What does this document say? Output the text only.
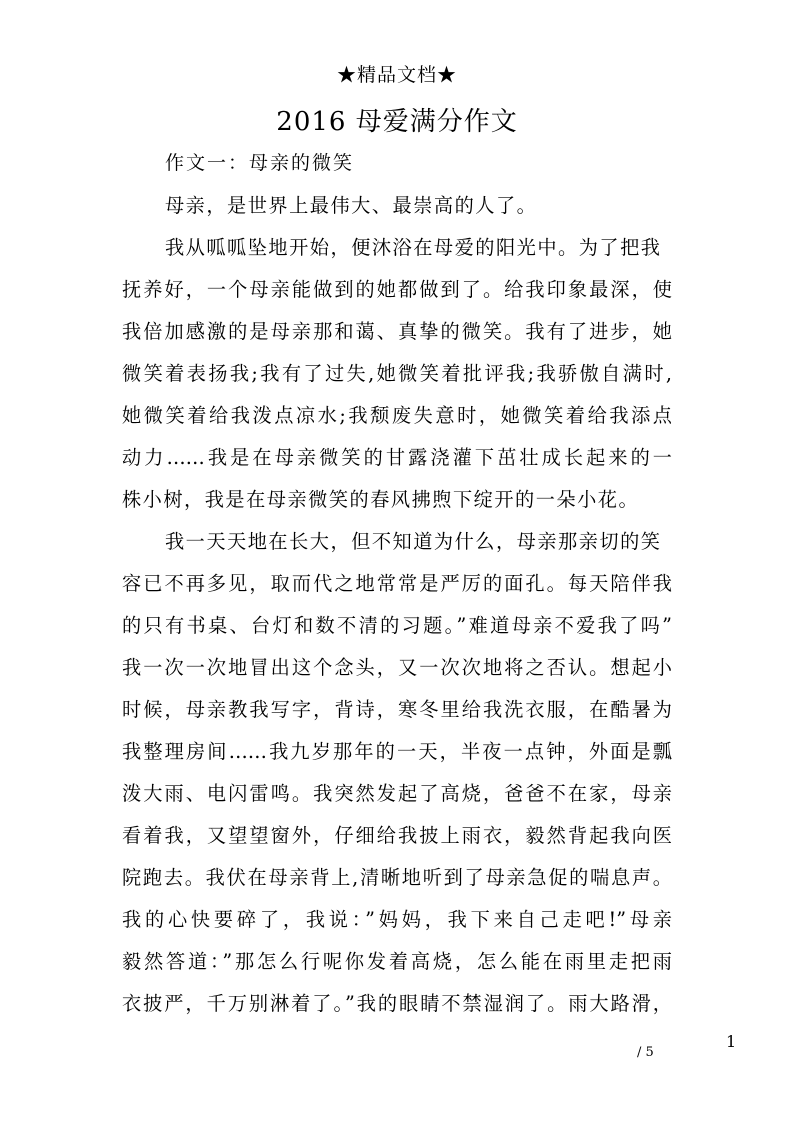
★精品文档★
2016 母爱满分作文
作文一：母亲的微笑
母亲，是世界上最伟大、最崇高的人了。
我从呱呱坠地开始，便沐浴在母爱的阳光中。为了把我
抚养好，一个母亲能做到的她都做到了。给我印象最深，使
我倍加感激的是母亲那和蔼、真挚的微笑。我有了进步，她
微笑着表扬我;我有了过失,她微笑着批评我;我骄傲自满时,
她微笑着给我泼点凉水;我颓废失意时，她微笑着给我添点
动力……我是在母亲微笑的甘露浇灌下茁壮成长起来的一
株小树，我是在母亲微笑的春风拂煦下绽开的一朵小花。
我一天天地在长大，但不知道为什么，母亲那亲切的笑
容已不再多见，取而代之地常常是严厉的面孔。每天陪伴我
的只有书桌、台灯和数不清的习题。”难道母亲不爱我了吗”
我一次一次地冒出这个念头，又一次次地将之否认。想起小
时候，母亲教我写字，背诗，寒冬里给我洗衣服，在酷暑为
我整理房间……我九岁那年的一天，半夜一点钟，外面是瓢
泼大雨、电闪雷鸣。我突然发起了高烧，爸爸不在家，母亲
看着我，又望望窗外，仔细给我披上雨衣，毅然背起我向医
院跑去。我伏在母亲背上,清晰地听到了母亲急促的喘息声。
我的心快要碎了，我说：”妈妈，我下来自己走吧!”母亲
毅然答道：”那怎么行呢你发着高烧，怎么能在雨里走把雨
衣披严，千万别淋着了。”我的眼睛不禁湿润了。雨大路滑，
1
/ 5
